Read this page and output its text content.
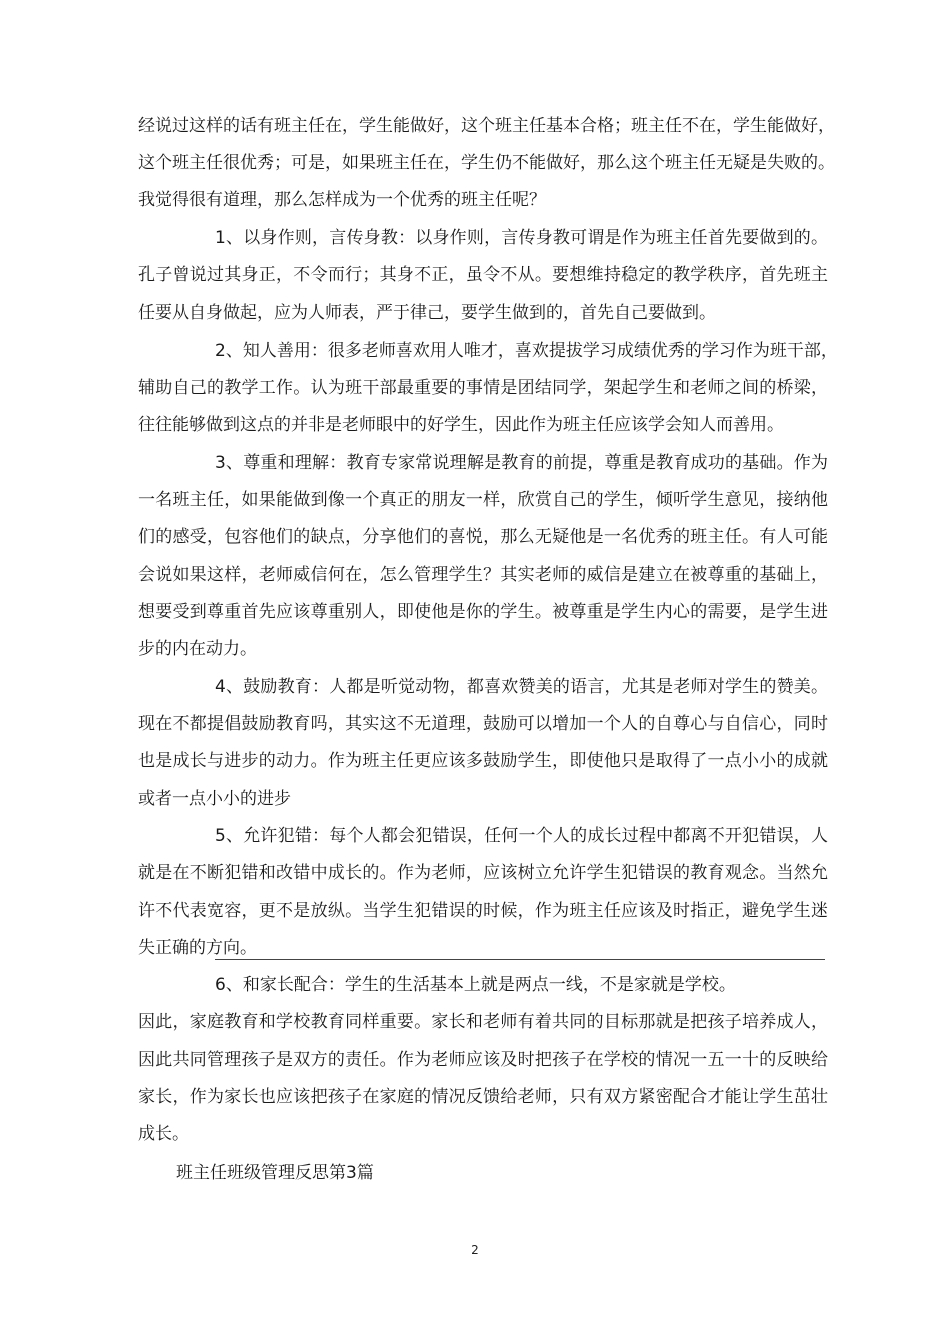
经说过这样的话有班主任在，学生能做好，这个班主任基本合格；班主任不在，学生能做好，
这个班主任很优秀；可是，如果班主任在，学生仍不能做好，那么这个班主任无疑是失败的。
我觉得很有道理，那么怎样成为一个优秀的班主任呢？
1、以身作则，言传身教：以身作则，言传身教可谓是作为班主任首先要做到的。
孔子曾说过其身正，不令而行；其身不正，虽令不从。要想维持稳定的教学秩序，首先班主
任要从自身做起，应为人师表，严于律己，要学生做到的，首先自己要做到。
2、知人善用：很多老师喜欢用人唯才，喜欢提拔学习成绩优秀的学习作为班干部，
辅助自己的教学工作。认为班干部最重要的事情是团结同学，架起学生和老师之间的桥梁，
往往能够做到这点的并非是老师眼中的好学生，因此作为班主任应该学会知人而善用。
3、尊重和理解：教育专家常说理解是教育的前提，尊重是教育成功的基础。作为
一名班主任，如果能做到像一个真正的朋友一样，欣赏自己的学生，倾听学生意见，接纳他
们的感受，包容他们的缺点，分享他们的喜悦，那么无疑他是一名优秀的班主任。有人可能
会说如果这样，老师威信何在，怎么管理学生？其实老师的威信是建立在被尊重的基础上，
想要受到尊重首先应该尊重别人，即使他是你的学生。被尊重是学生内心的需要，是学生进
步的内在动力。
4、鼓励教育：人都是听觉动物，都喜欢赞美的语言，尤其是老师对学生的赞美。
现在不都提倡鼓励教育吗，其实这不无道理，鼓励可以增加一个人的自尊心与自信心，同时
也是成长与进步的动力。作为班主任更应该多鼓励学生，即使他只是取得了一点小小的成就
或者一点小小的进步
5、允许犯错：每个人都会犯错误，任何一个人的成长过程中都离不开犯错误，人
就是在不断犯错和改错中成长的。作为老师，应该树立允许学生犯错误的教育观念。当然允
许不代表宽容，更不是放纵。当学生犯错误的时候，作为班主任应该及时指正，避免学生迷
失正确的方向。
6、和家长配合：学生的生活基本上就是两点一线，不是家就是学校。
因此，家庭教育和学校教育同样重要。家长和老师有着共同的目标那就是把孩子培养成人，
因此共同管理孩子是双方的责任。作为老师应该及时把孩子在学校的情况一五一十的反映给
家长，作为家长也应该把孩子在家庭的情况反馈给老师，只有双方紧密配合才能让学生茁壮
成长。
班主任班级管理反思第3篇
2
